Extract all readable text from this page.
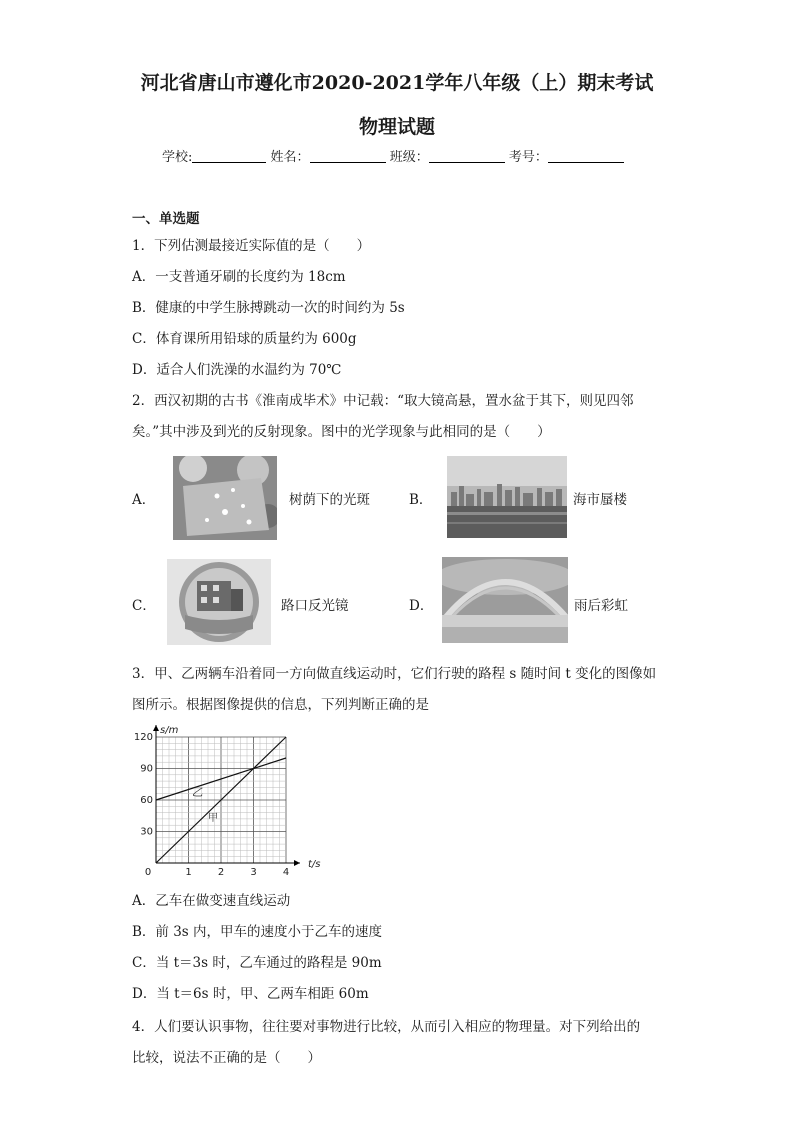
河北省唐山市遵化市2020-2021学年八年级（上）期末考试
物理试题
学校:	姓名：	班级：	考号：
一、单选题
1．下列估测最接近实际值的是（　　）
A．一支普通牙刷的长度约为 18cm
B．健康的中学生脉搏跳动一次的时间约为 5s
C．体育课所用铅球的质量约为 600g
D．适合人们洗澡的水温约为 70℃
2．西汉初期的古书《淮南成毕术》中记载：“取大镜高悬，置水盆于其下，则见四邻
矣。”其中涉及到光的反射现象。图中的光学现象与此相同的是（　　）
A．	树荫下的光斑	B．	海市蜃楼
C．	路口反光镜	D．	雨后彩虹
3．甲、乙两辆车沿着同一方向做直线运动时，它们行驶的路程 s 随时间 t 变化的图像如
图所示。根据图像提供的信息，下列判断正确的是
0	1	2	3	4
30
60
90
120
t/s
s/m
甲
乙
A．乙车在做变速直线运动
B．前 3s 内，甲车的速度小于乙车的速度
C．当 t＝3s 时，乙车通过的路程是 90m
D．当 t＝6s 时，甲、乙两车相距 60m
4．人们要认识事物，往往要对事物进行比较，从而引入相应的物理量。对下列给出的
比较，说法不正确的是（　　）
